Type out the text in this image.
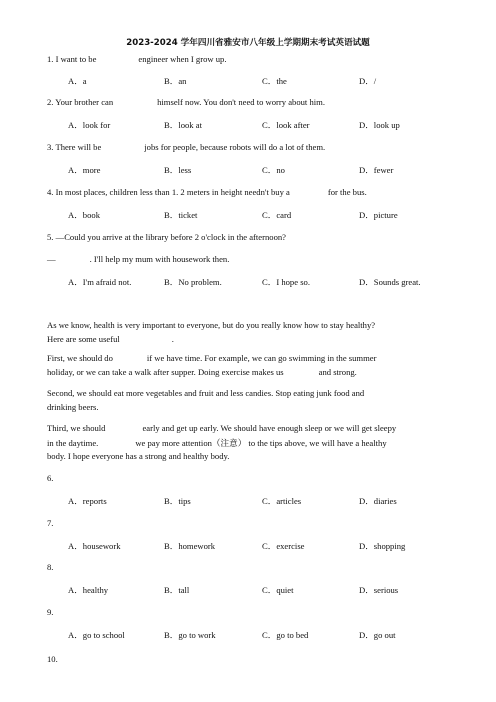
2023-2024 学年四川省雅安市八年级上学期期末考试英语试题
1. I want to be	engineer when I grow up.
A．a	B．an	C．the	D．/
2. Your brother can	himself now. You don't need to worry about him.
A．look for	B．look at	C．look after	D．look up
3. There will be	jobs for people, because robots will do a lot of them.
A．more	B．less	C．no	D．fewer
4. In most places, children less than 1. 2 meters in height needn't buy a	for the bus.
A．book	B．ticket	C．card	D．picture
5. —Could you arrive at the library before 2 o'clock in the afternoon?
—	. I'll help my mum with housework then.
A．I'm afraid not.	B．No problem.	C．I hope so.	D．Sounds great.
As we know, health is very important to everyone, but do you really know how to stay healthy?
Here are some useful	.
First, we should do	if we have time. For example, we can go swimming in the summer
holiday, or we can take a walk after supper. Doing exercise makes us	and strong.
Second, we should eat more vegetables and fruit and less candies. Stop eating junk food and
drinking beers.
Third, we should	early and get up early. We should have enough sleep or we will get sleepy
in the daytime.	we pay more attention（注意） to the tips above, we will have a healthy
body. I hope everyone has a strong and healthy body.
6.
A．reports	B．tips	C．articles	D．diaries
7.
A．housework	B．homework	C．exercise	D．shopping
8.
A．healthy	B．tall	C．quiet	D．serious
9.
A．go to school	B．go to work	C．go to bed	D．go out
10.
